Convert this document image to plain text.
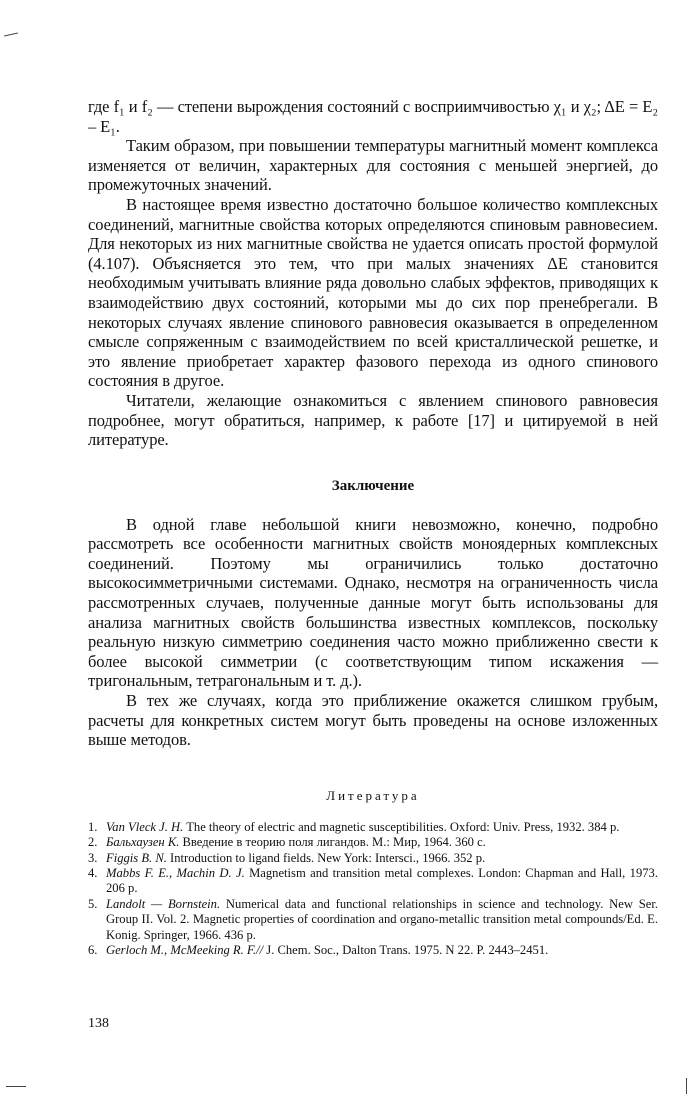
где f₁ и f₂ — степени вырождения состояний с восприимчивостью χ₁ и χ₂; ΔE = E₂ – E₁.

Таким образом, при повышении температуры магнитный момент комплекса изменяется от величин, характерных для состояния с меньшей энергией, до промежуточных значений.

В настоящее время известно достаточно большое количество комплексных соединений, магнитные свойства которых определяются спиновым равновесием. Для некоторых из них магнитные свойства не удается описать простой формулой (4.107). Объясняется это тем, что при малых значениях ΔE становится необходимым учитывать влияние ряда довольно слабых эффектов, приводящих к взаимодействию двух состояний, которыми мы до сих пор пренебрегали. В некоторых случаях явление спинового равновесия оказывается в определенном смысле сопряженным с взаимодействием по всей кристаллической решетке, и это явление приобретает характер фазового перехода из одного спинового состояния в другое.

Читатели, желающие ознакомиться с явлением спинового равновесия подробнее, могут обратиться, например, к работе [17] и цитируемой в ней литературе.

Заключение

В одной главе небольшой книги невозможно, конечно, подробно рассмотреть все особенности магнитных свойств моноядерных комплексных соединений. Поэтому мы ограничились только достаточно высокосимметричными системами. Однако, несмотря на ограниченность числа рассмотренных случаев, полученные данные могут быть использованы для анализа магнитных свойств большинства известных комплексов, поскольку реальную низкую симметрию соединения часто можно приближенно свести к более высокой симметрии (с соответствующим типом искажения — тригональным, тетрагональным и т. д.).

В тех же случаях, когда это приближение окажется слишком грубым, расчеты для конкретных систем могут быть проведены на основе изложенных выше методов.

Литература
1. Van Vleck J. H. The theory of electric and magnetic susceptibilities. Oxford: Univ. Press, 1932. 384 p.
2. Бальхаузен К. Введение в теорию поля лигандов. М.: Мир, 1964. 360 с.
3. Figgis B. N. Introduction to ligand fields. New York: Intersci., 1966. 352 p.
4. Mabbs F. E., Machin D. J. Magnetism and transition metal complexes. London: Chapman and Hall, 1973. 206 p.
5. Landolt — Bornstein. Numerical data and functional relationships in science and technology. New Ser. Group II. Vol. 2. Magnetic properties of coordination and organo-metallic transition metal compounds/Ed. E. Konig. Springer, 1966. 436 p.
6. Gerloch M., McMeeking R. F.// J. Chem. Soc., Dalton Trans. 1975. N 22. P. 2443–2451.
138
